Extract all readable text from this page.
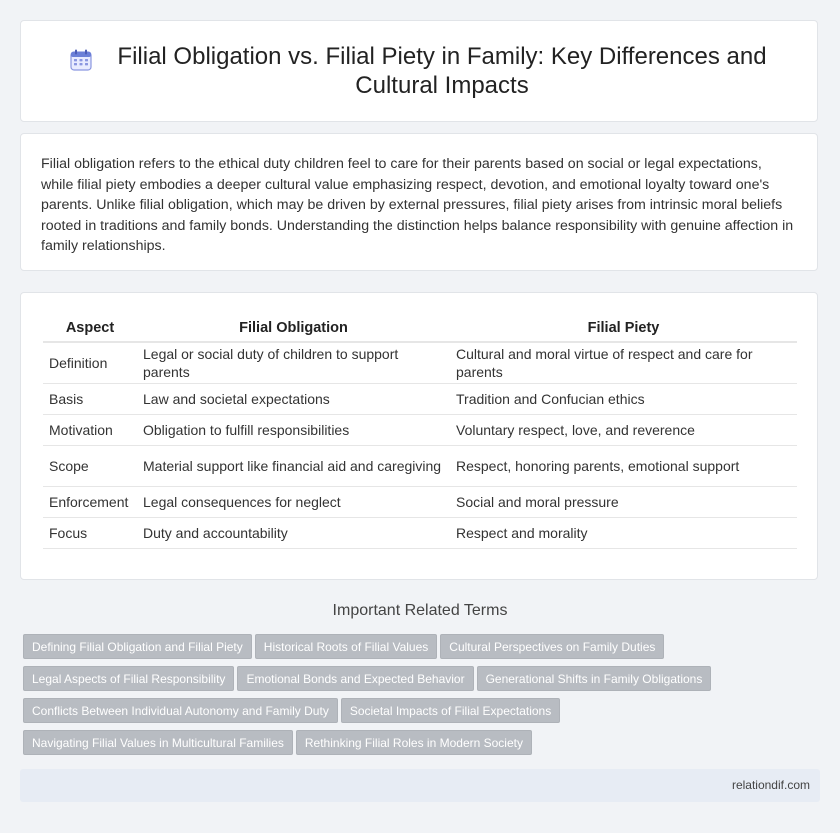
Filial Obligation vs. Filial Piety in Family: Key Differences and Cultural Impacts

Filial obligation refers to the ethical duty children feel to care for their parents based on social or legal expectations, while filial piety embodies a deeper cultural value emphasizing respect, devotion, and emotional loyalty toward one's parents. Unlike filial obligation, which may be driven by external pressures, filial piety arises from intrinsic moral beliefs rooted in traditions and family bonds. Understanding the distinction helps balance responsibility with genuine affection in family relationships.

Aspect	Filial Obligation	Filial Piety
Definition	Legal or social duty of children to support parents	Cultural and moral virtue of respect and care for parents
Basis	Law and societal expectations	Tradition and Confucian ethics
Motivation	Obligation to fulfill responsibilities	Voluntary respect, love, and reverence
Scope	Material support like financial aid and caregiving	Respect, honoring parents, emotional support
Enforcement	Legal consequences for neglect	Social and moral pressure
Focus	Duty and accountability	Respect and morality
Important Related Terms
Defining Filial Obligation and Filial Piety Historical Roots of Filial Values Cultural Perspectives on Family Duties
Legal Aspects of Filial Responsibility Emotional Bonds and Expected Behavior Generational Shifts in Family Obligations
Conflicts Between Individual Autonomy and Family Duty Societal Impacts of Filial Expectations
Navigating Filial Values in Multicultural Families Rethinking Filial Roles in Modern Society
relationdif.com
